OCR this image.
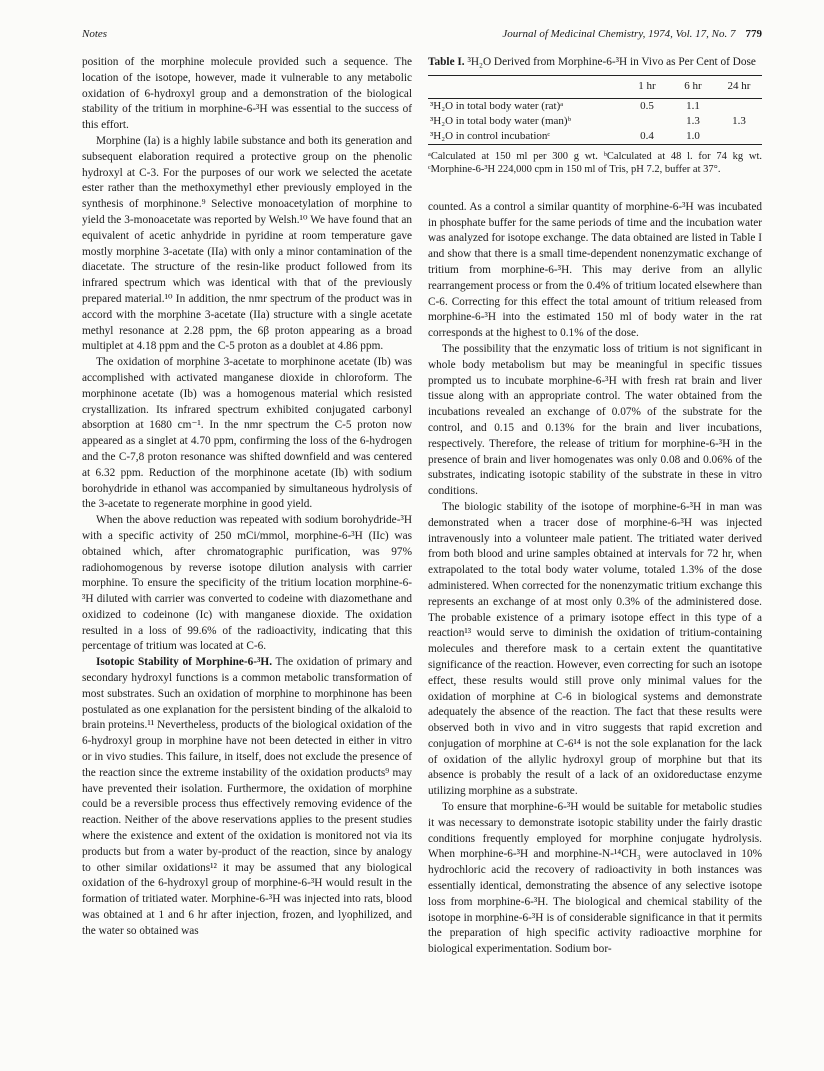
Notes	Journal of Medicinal Chemistry, 1974, Vol. 17, No. 7 779

position of the morphine molecule provided such a sequence. The location of the isotope, however, made it vulnerable to any metabolic oxidation of 6-hydroxyl group and a demonstration of the biological stability of the tritium in morphine-6-³H was essential to the success of this effort.

Morphine (Ia) is a highly labile substance and both its generation and subsequent elaboration required a protective group on the phenolic hydroxyl at C-3. For the purposes of our work we selected the acetate ester rather than the methoxymethyl ether previously employed in the synthesis of morphinone.⁹ Selective monoacetylation of morphine to yield the 3-monoacetate was reported by Welsh.¹⁰ We have found that an equivalent of acetic anhydride in pyridine at room temperature gave mostly morphine 3-acetate (IIa) with only a minor contamination of the diacetate. The structure of the resin-like product followed from its infrared spectrum which was identical with that of the previously prepared material.¹⁰ In addition, the nmr spectrum of the product was in accord with the morphine 3-acetate (IIa) structure with a single acetate methyl resonance at 2.28 ppm, the 6β proton appearing as a broad multiplet at 4.18 ppm and the C-5 proton as a doublet at 4.86 ppm.

The oxidation of morphine 3-acetate to morphinone acetate (Ib) was accomplished with activated manganese dioxide in chloroform. The morphinone acetate (Ib) was a homogenous material which resisted crystallization. Its infrared spectrum exhibited conjugated carbonyl absorption at 1680 cm⁻¹. In the nmr spectrum the C-5 proton now appeared as a singlet at 4.70 ppm, confirming the loss of the 6-hydrogen and the C-7,8 proton resonance was shifted downfield and was centered at 6.32 ppm. Reduction of the morphinone acetate (Ib) with sodium borohydride in ethanol was accompanied by simultaneous hydrolysis of the 3-acetate to regenerate morphine in good yield.

When the above reduction was repeated with sodium borohydride-³H with a specific activity of 250 mCi/mmol, morphine-6-³H (IIc) was obtained which, after chromatographic purification, was 97% radiohomogenous by reverse isotope dilution analysis with carrier morphine. To ensure the specificity of the tritium location morphine-6-³H diluted with carrier was converted to codeine with diazomethane and oxidized to codeinone (Ic) with manganese dioxide. The oxidation resulted in a loss of 99.6% of the radioactivity, indicating that this percentage of tritium was located at C-6.

Isotopic Stability of Morphine-6-³H. The oxidation of primary and secondary hydroxyl functions is a common metabolic transformation of most substrates. Such an oxidation of morphine to morphinone has been postulated as one explanation for the persistent binding of the alkaloid to brain proteins.¹¹ Nevertheless, products of the biological oxidation of the 6-hydroxyl group in morphine have not been detected in either in vitro or in vivo studies. This failure, in itself, does not exclude the presence of the reaction since the extreme instability of the oxidation products⁹ may have prevented their isolation. Furthermore, the oxidation of morphine could be a reversible process thus effectively removing evidence of the reaction. Neither of the above reservations applies to the present studies where the existence and extent of the oxidation is monitored not via its products but from a water by-product of the reaction, since by analogy to other similar oxidations¹² it may be assumed that any biological oxidation of the 6-hydroxyl group of morphine-6-³H would result in the formation of tritiated water. Morphine-6-³H was injected into rats, blood was obtained at 1 and 6 hr after injection, frozen, and lyophilized, and the water so obtained was

Table I. ³H₂O Derived from Morphine-6-³H in Vivo as Per Cent of Dose
	1 hr	6 hr	24 hr
³H₂O in total body water (rat)ᵃ	0.5	1.1	
³H₂O in total body water (man)ᵇ		1.3	1.3
³H₂O in control incubationᶜ	0.4	1.0	
ᵃCalculated at 150 ml per 300 g wt. ᵇCalculated at 48 l. for 74 kg wt. ᶜMorphine-6-³H 224,000 cpm in 150 ml of Tris, pH 7.2, buffer at 37°.

counted. As a control a similar quantity of morphine-6-³H was incubated in phosphate buffer for the same periods of time and the incubation water was analyzed for isotope exchange. The data obtained are listed in Table I and show that there is a small time-dependent nonenzymatic exchange of tritium from morphine-6-³H. This may derive from an allylic rearrangement process or from the 0.4% of tritium located elsewhere than C-6. Correcting for this effect the total amount of tritium released from morphine-6-³H into the estimated 150 ml of body water in the rat corresponds at the highest to 0.1% of the dose.

The possibility that the enzymatic loss of tritium is not significant in whole body metabolism but may be meaningful in specific tissues prompted us to incubate morphine-6-³H with fresh rat brain and liver tissue along with an appropriate control. The water obtained from the incubations revealed an exchange of 0.07% of the substrate for the control, and 0.15 and 0.13% for the brain and liver incubations, respectively. Therefore, the release of tritium for morphine-6-³H in the presence of brain and liver homogenates was only 0.08 and 0.06% of the substrates, indicating isotopic stability of the substrate in these in vitro conditions.

The biologic stability of the isotope of morphine-6-³H in man was demonstrated when a tracer dose of morphine-6-³H was injected intravenously into a volunteer male patient. The tritiated water derived from both blood and urine samples obtained at intervals for 72 hr, when extrapolated to the total body water volume, totaled 1.3% of the dose administered. When corrected for the nonenzymatic tritium exchange this represents an exchange of at most only 0.3% of the administered dose. The probable existence of a primary isotope effect in this type of a reaction¹³ would serve to diminish the oxidation of tritium-containing molecules and therefore mask to a certain extent the quantitative significance of the reaction. However, even correcting for such an isotope effect, these results would still prove only minimal values for the oxidation of morphine at C-6 in biological systems and demonstrate adequately the absence of the reaction. The fact that these results were observed both in vivo and in vitro suggests that rapid excretion and conjugation of morphine at C-6¹⁴ is not the sole explanation for the lack of oxidation of the allylic hydroxyl group of morphine but that its absence is probably the result of a lack of an oxidoreductase enzyme utilizing morphine as a substrate.

To ensure that morphine-6-³H would be suitable for metabolic studies it was necessary to demonstrate isotopic stability under the fairly drastic conditions frequently employed for morphine conjugate hydrolysis. When morphine-6-³H and morphine-N-¹⁴CH₃ were autoclaved in 10% hydrochloric acid the recovery of radioactivity in both instances was essentially identical, demonstrating the absence of any selective isotope loss from morphine-6-³H. The biological and chemical stability of the isotope in morphine-6-³H is of considerable significance in that it permits the preparation of high specific activity radioactive morphine for biological experimentation. Sodium bor-
